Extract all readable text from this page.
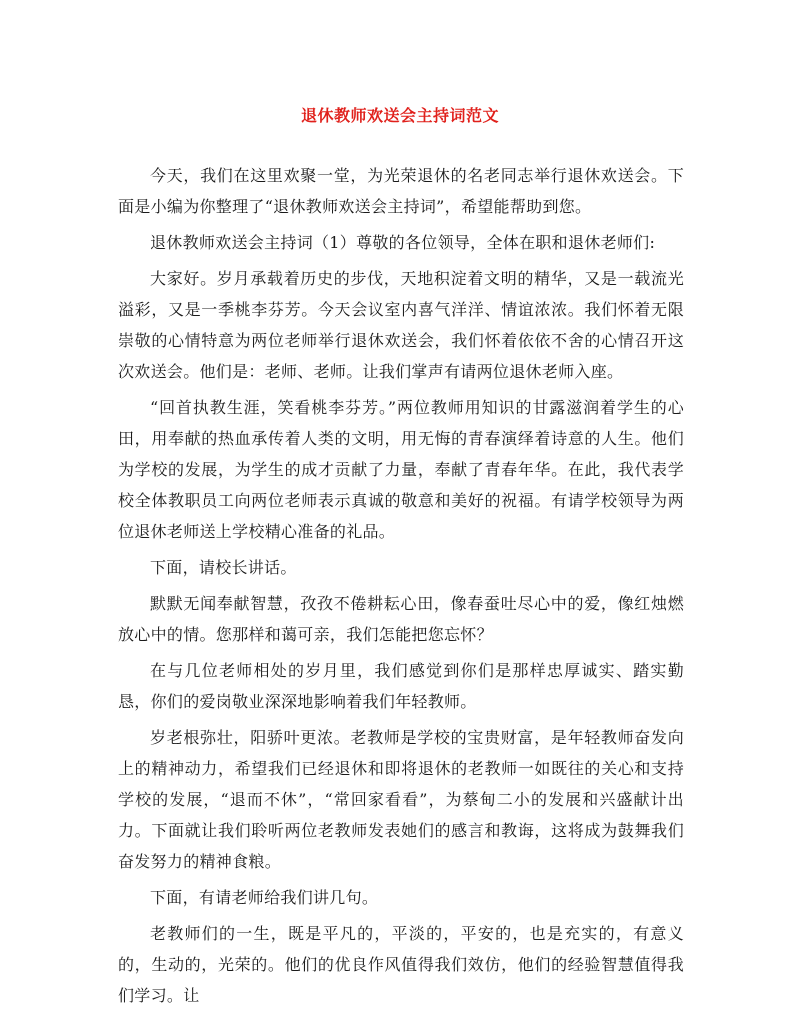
退休教师欢送会主持词范文

今天，我们在这里欢聚一堂，为光荣退休的名老同志举行退休欢送会。下面是小编为你整理了“退休教师欢送会主持词”，希望能帮助到您。

退休教师欢送会主持词（1）尊敬的各位领导，全体在职和退休老师们:

大家好。岁月承载着历史的步伐，天地积淀着文明的精华，又是一载流光溢彩，又是一季桃李芬芳。今天会议室内喜气洋洋、情谊浓浓。我们怀着无限崇敬的心情特意为两位老师举行退休欢送会，我们怀着依依不舍的心情召开这次欢送会。他们是：老师、老师。让我们掌声有请两位退休老师入座。

“回首执教生涯，笑看桃李芬芳。”两位教师用知识的甘露滋润着学生的心田，用奉献的热血承传着人类的文明，用无悔的青春演绎着诗意的人生。他们为学校的发展，为学生的成才贡献了力量，奉献了青春年华。在此，我代表学校全体教职员工向两位老师表示真诚的敬意和美好的祝福。有请学校领导为两位退休老师送上学校精心准备的礼品。

下面，请校长讲话。

默默无闻奉献智慧，孜孜不倦耕耘心田，像春蚕吐尽心中的爱，像红烛燃放心中的情。您那样和蔼可亲，我们怎能把您忘怀？

在与几位老师相处的岁月里，我们感觉到你们是那样忠厚诚实、踏实勤恳，你们的爱岗敬业深深地影响着我们年轻教师。

岁老根弥壮，阳骄叶更浓。老教师是学校的宝贵财富，是年轻教师奋发向上的精神动力，希望我们已经退休和即将退休的老教师一如既往的关心和支持学校的发展，“退而不休”，“常回家看看”，为蔡甸二小的发展和兴盛献计出力。下面就让我们聆听两位老教师发表她们的感言和教诲，这将成为鼓舞我们奋发努力的精神食粮。

下面，有请老师给我们讲几句。

老教师们的一生，既是平凡的，平淡的，平安的，也是充实的，有意义的，生动的，光荣的。他们的优良作风值得我们效仿，他们的经验智慧值得我们学习。让
